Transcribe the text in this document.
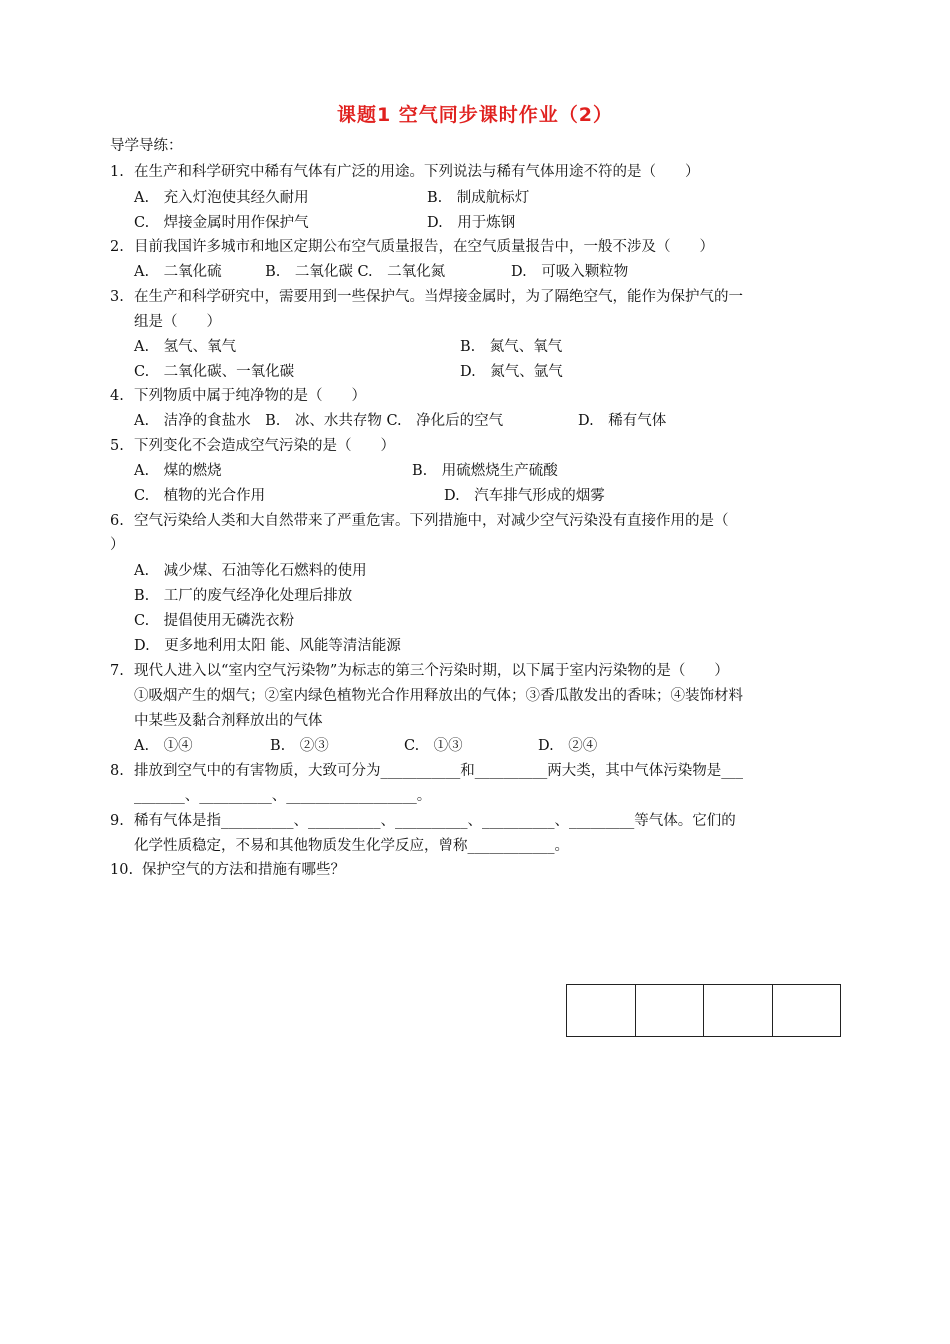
课题1 空气同步课时作业（2）
导学导练：
1. 在生产和科学研究中稀有气体有广泛的用途。下列说法与稀有气体用途不符的是（　　）
A.　充入灯泡使其经久耐用	B.　制成航标灯
C.　焊接金属时用作保护气	D.　用于炼钢
2. 目前我国许多城市和地区定期公布空气质量报告，在空气质量报告中，一般不涉及（　　）
A.　二氧化硫　　　B.　二氧化碳 C.　二氧化氮	D.　可吸入颗粒物
3. 在生产和科学研究中，需要用到一些保护气。当焊接金属时，为了隔绝空气，能作为保护气的一
组是（　　）
A.　氢气、氧气	B.　氮气、氧气
C.　二氧化碳、一氧化碳	D.　氮气、氩气
4. 下列物质中属于纯净物的是（　　）
A.　洁净的食盐水　B.　冰、水共存物 C.　净化后的空气	D.　稀有气体
5. 下列变化不会造成空气污染的是（　　）
A.　煤的燃烧	B.　用硫燃烧生产硫酸
C.　植物的光合作用	D.　汽车排气形成的烟雾
6. 空气污染给人类和大自然带来了严重危害。下列措施中，对减少空气污染没有直接作用的是（
）
A.　减少煤、石油等化石燃料的使用
B.　工厂的废气经净化处理后排放
C.　提倡使用无磷洗衣粉
D.　更多地利用太阳 能、风能等清洁能源
7. 现代人进入以“室内空气污染物”为标志的第三个污染时期，以下属于室内污染物的是（　　）
①吸烟产生的烟气；②室内绿色植物光合作用释放出的气体；③香瓜散发出的香味；④装饰材料
中某些及黏合剂释放出的气体
A.　①④	B.　②③	C.　①③	D.　②④
8. 排放到空气中的有害物质，大致可分为___________和__________两大类，其中气体污染物是___
_______、__________、__________________。
9. 稀有气体是指__________、__________、__________、__________、_________等气体。它们的
化学性质稳定，不易和其他物质发生化学反应，曾称____________。
10. 保护空气的方法和措施有哪些？
